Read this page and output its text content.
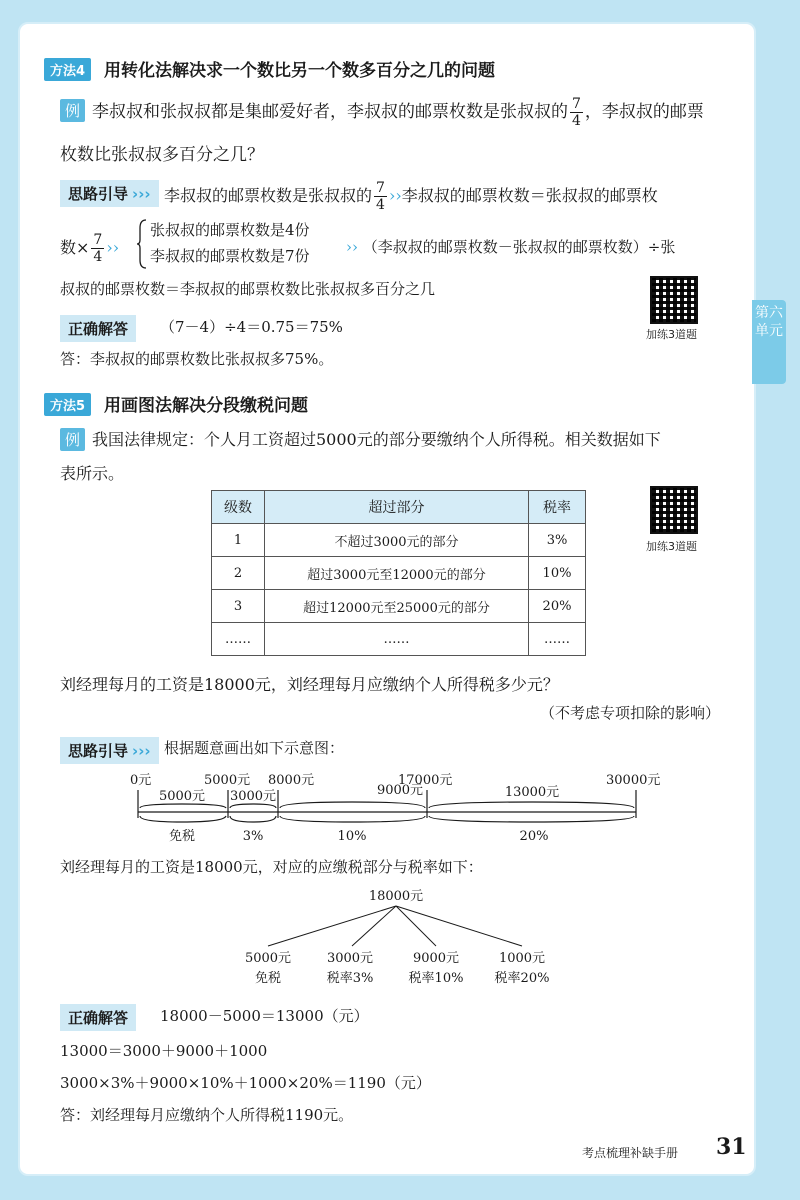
第六单元
方法4	用转化法解决求一个数比另一个数多百分之几的问题
例 李叔叔和张叔叔都是集邮爱好者，李叔叔的邮票枚数是张叔叔的 $\frac{7}{4}$ ，李叔叔的邮票
枚数比张叔叔多百分之几？
思路引导 ››› 李叔叔的邮票枚数是张叔叔的 $\frac{7}{4}$ ››李叔叔的邮票枚数＝张叔叔的邮票枚
数× $\frac{7}{4}$ ››
张叔叔的邮票枚数是4份
李叔叔的邮票枚数是7份 ›› （李叔叔的邮票枚数－张叔叔的邮票枚数）÷张
叔叔的邮票枚数＝李叔叔的邮票枚数比张叔叔多百分之几
加练3道题
正确解答	（7－4）÷4＝0.75＝75%
答：李叔叔的邮票枚数比张叔叔多75%。
方法5	用画图法解决分段缴税问题
例 我国法律规定：个人月工资超过5000元的部分要缴纳个人所得税。相关数据如下
表所示。
加练3道题
级数	超过部分	税率
1	不超过3000元的部分	3%
2	超过3000元至12000元的部分	10%
3	超过12000元至25000元的部分	20%
……	……	……
刘经理每月的工资是18000元，刘经理每月应缴纳个人所得税多少元？
（不考虑专项扣除的影响）
思路引导 ››› 根据题意画出如下示意图：
0元	5000元 8000元
9000元
17000元	30000元
5000元 3000元	13000元
免税	3%	10%	20%
刘经理每月的工资是18000元，对应的应缴税部分与税率如下：
18000元
5000元
免税
3000元
税率3%
9000元
税率10%
1000元
税率20%
正确解答	18000－5000＝13000（元）
13000＝3000＋9000＋1000
3000×3%＋9000×10%＋1000×20%＝1190（元）
答：刘经理每月应缴纳个人所得税1190元。
考点梳理补缺手册 31
